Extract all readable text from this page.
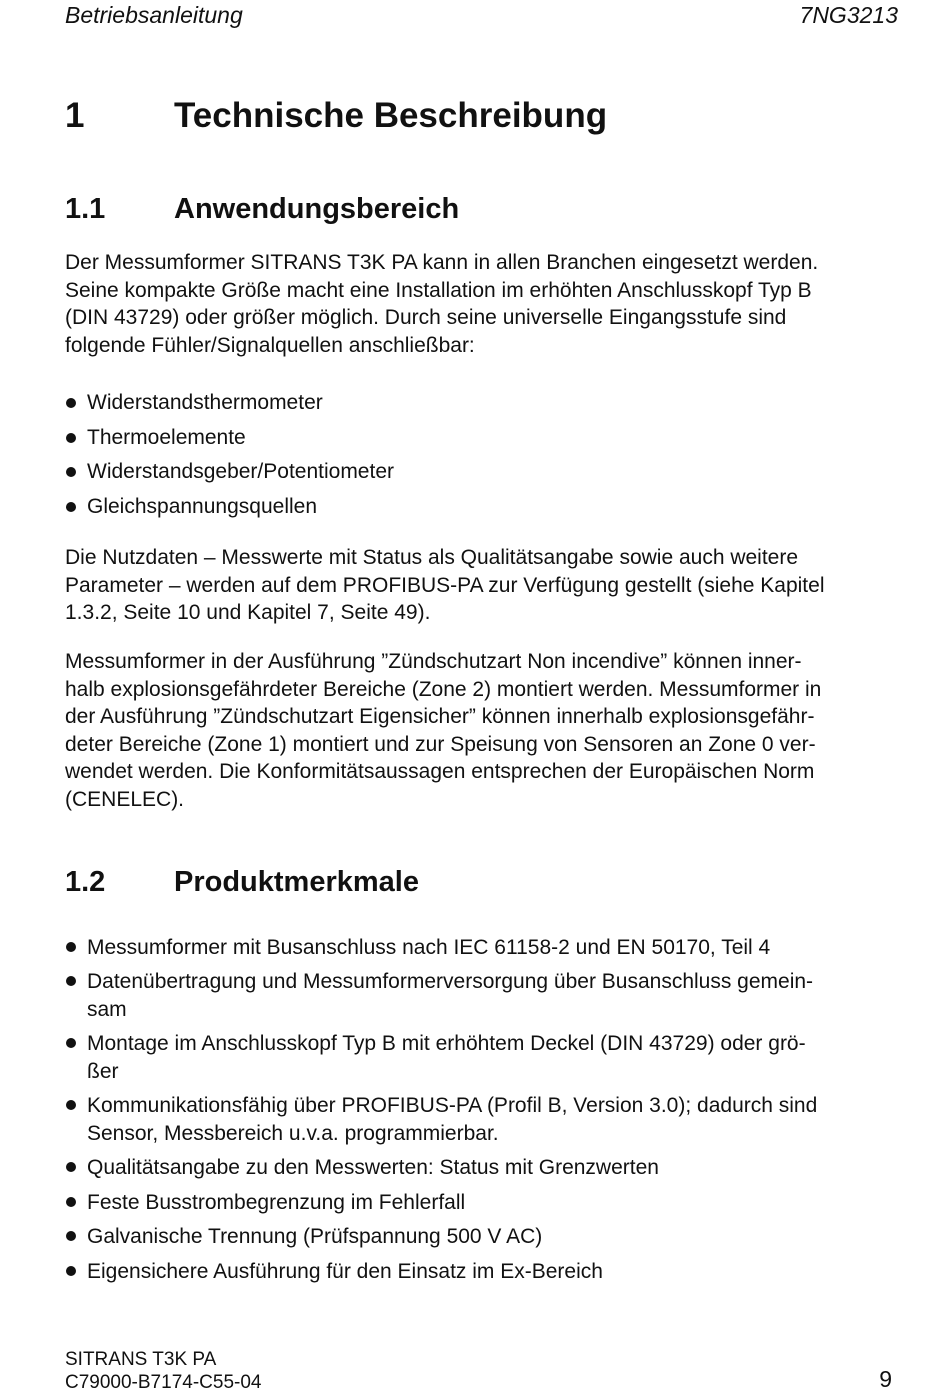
Betriebsanleitung	7NG3213
1	Technische Beschreibung
1.1 Anwendungsbereich
Der Messumformer SITRANS T3K PA kann in allen Branchen eingesetzt werden.
Seine kompakte Größe macht eine Installation im erhöhten Anschlusskopf Typ B
(DIN 43729) oder größer möglich. Durch seine universelle Eingangsstufe sind
folgende Fühler/Signalquellen anschließbar:
Widerstandsthermometer
Thermoelemente
Widerstandsgeber/Potentiometer
Gleichspannungsquellen
Die Nutzdaten – Messwerte mit Status als Qualitätsangabe sowie auch weitere
Parameter – werden auf dem PROFIBUS-PA zur Verfügung gestellt (siehe Kapitel
1.3.2, Seite 10 und Kapitel 7, Seite 49).
Messumformer in der Ausführung ”Zündschutzart Non incendive” können inner-
halb explosionsgefährdeter Bereiche (Zone 2) montiert werden. Messumformer in
der Ausführung ”Zündschutzart Eigensicher” können innerhalb explosionsgefähr-
deter Bereiche (Zone 1) montiert und zur Speisung von Sensoren an Zone 0 ver-
wendet werden. Die Konformitätsaussagen entsprechen der Europäischen Norm
(CENELEC).
1.2 Produktmerkmale
Messumformer mit Busanschluss nach IEC 61158-2 und EN 50170, Teil 4
Datenübertragung und Messumformerversorgung über Busanschluss gemein-
sam
Montage im Anschlusskopf Typ B mit erhöhtem Deckel (DIN 43729) oder grö-
ßer
Kommunikationsfähig über PROFIBUS-PA (Profil B, Version 3.0); dadurch sind
Sensor, Messbereich u.v.a. programmierbar.
Qualitätsangabe zu den Messwerten: Status mit Grenzwerten
Feste Busstrombegrenzung im Fehlerfall
Galvanische Trennung (Prüfspannung 500 V AC)
Eigensichere Ausführung für den Einsatz im Ex-Bereich
SITRANS T3K PA
C79000-B7174-C55-04	9
